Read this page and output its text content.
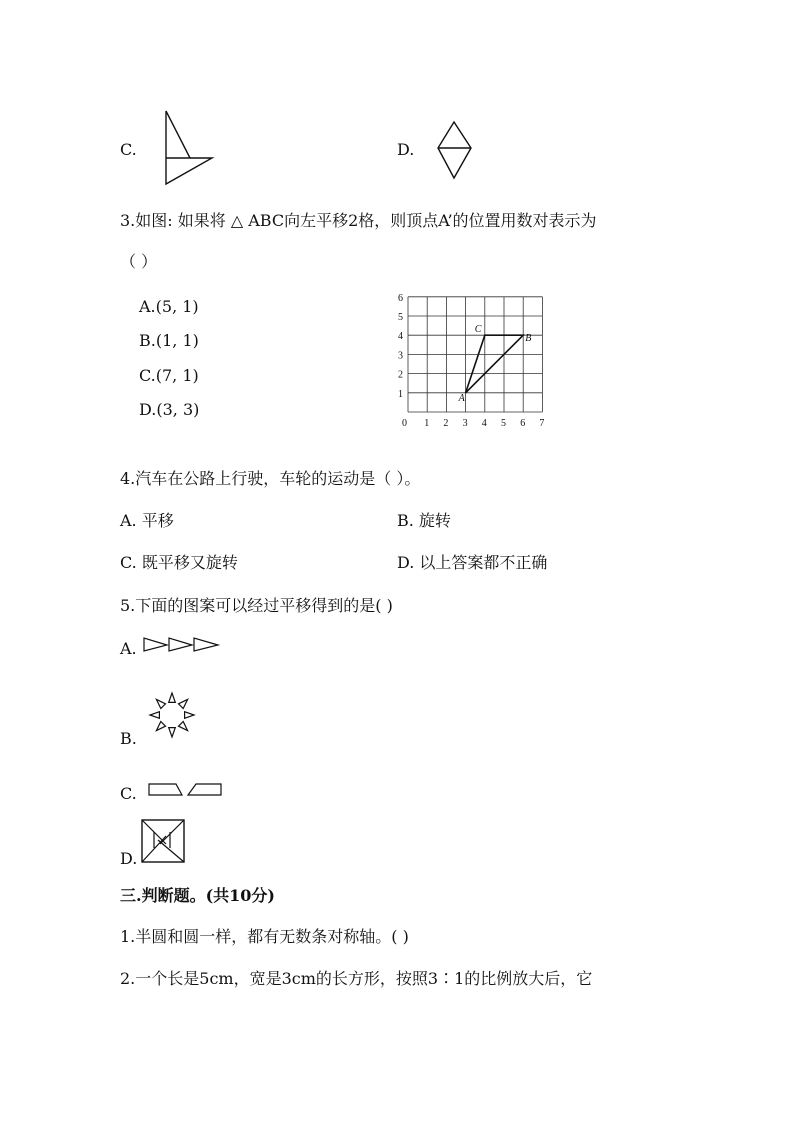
C.	D.
3.如图: 如果将 △ ABC向左平移2格，则顶点A’的位置用数对表示为
（ ）
A.(5, 1)
B.(1, 1)
C.(7, 1)
D.(3, 3)
0 1 2 3 4 5 6 7
1
2
3
4
5
6
A
B
C
4.汽车在公路上行驶，车轮的运动是（ ）。
A. 平移	B. 旋转
C. 既平移又旋转	D. 以上答案都不正确
5.下面的图案可以经过平移得到的是( )
A.
B.
C.
D.
三.判断题。(共10分)
1.半圆和圆一样，都有无数条对称轴。( )
2.一个长是5cm，宽是3cm的长方形，按照3∶1的比例放大后，它
